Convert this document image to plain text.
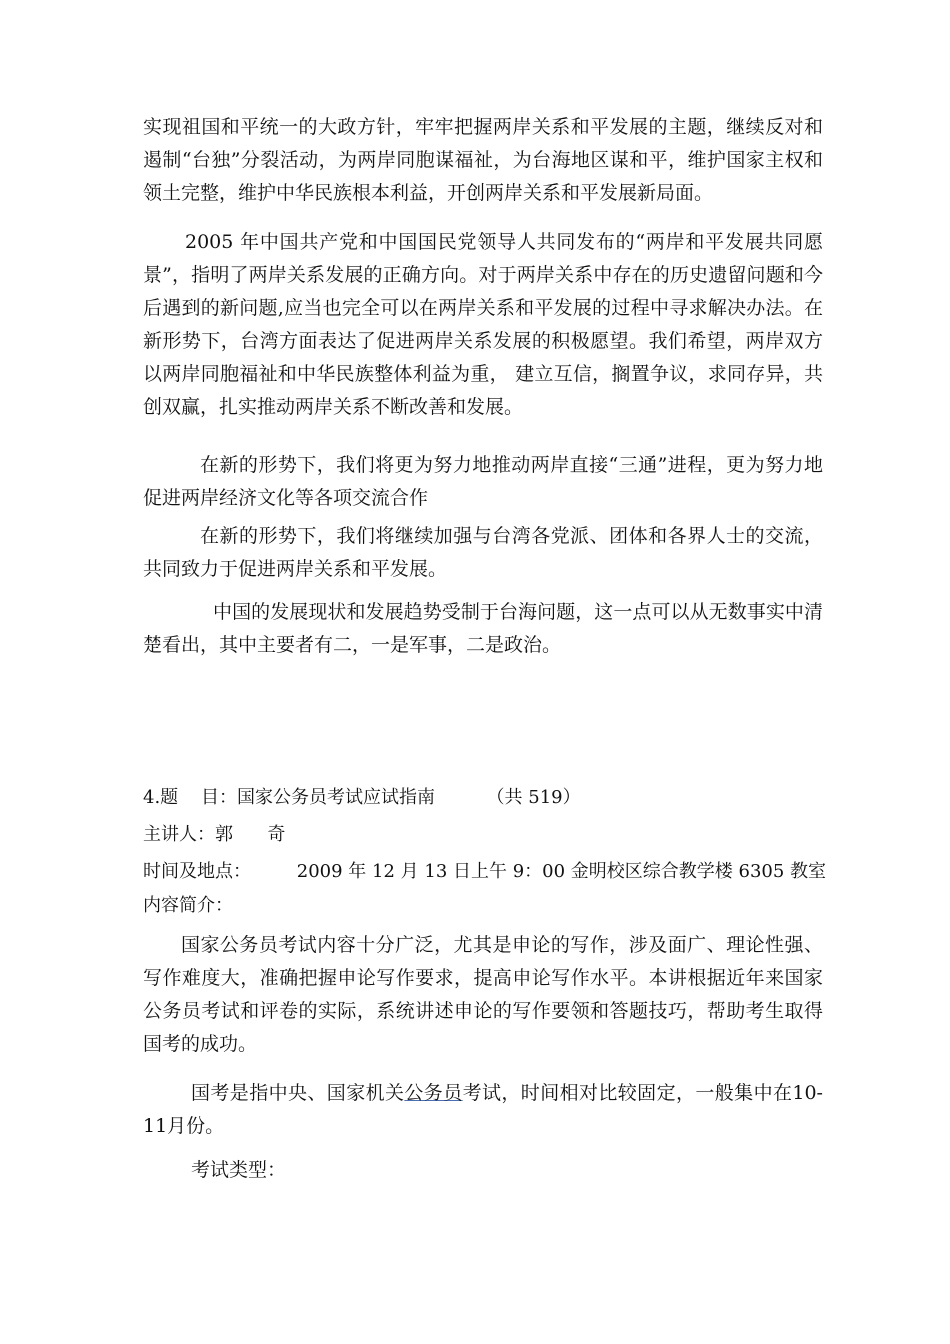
实现祖国和平统一的大政方针，牢牢把握两岸关系和平发展的主题，继续反对和遏制“台独”分裂活动，为两岸同胞谋福祉，为台海地区谋和平，维护国家主权和领土完整，维护中华民族根本利益，开创两岸关系和平发展新局面。

2005 年中国共产党和中国国民党领导人共同发布的“两岸和平发展共同愿景”，指明了两岸关系发展的正确方向。对于两岸关系中存在的历史遗留问题和今后遇到的新问题,应当也完全可以在两岸关系和平发展的过程中寻求解决办法。在新形势下，台湾方面表达了促进两岸关系发展的积极愿望。我们希望，两岸双方以两岸同胞福祉和中华民族整体利益为重， 建立互信，搁置争议，求同存异，共创双赢，扎实推动两岸关系不断改善和发展。

在新的形势下，我们将更为努力地推动两岸直接“三通”进程，更为努力地促进两岸经济文化等各项交流合作

在新的形势下，我们将继续加强与台湾各党派、团体和各界人士的交流，共同致力于促进两岸关系和平发展。

中国的发展现状和发展趋势受制于台海问题，这一点可以从无数事实中清楚看出，其中主要者有二，一是军事，二是政治。

4.题    目：国家公务员考试应试指南         （共 519）

主讲人：郭      奇

时间及地点：        2009 年 12 月 13 日上午 9：00 金明校区综合教学楼 6305 教室

内容简介：

国家公务员考试内容十分广泛，尤其是申论的写作，涉及面广、理论性强、写作难度大，准确把握申论写作要求，提高申论写作水平。本讲根据近年来国家公务员考试和评卷的实际，系统讲述申论的写作要领和答题技巧，帮助考生取得国考的成功。

国考是指中央、国家机关公务员考试，时间相对比较固定，一般集中在10-11月份。

考试类型：
